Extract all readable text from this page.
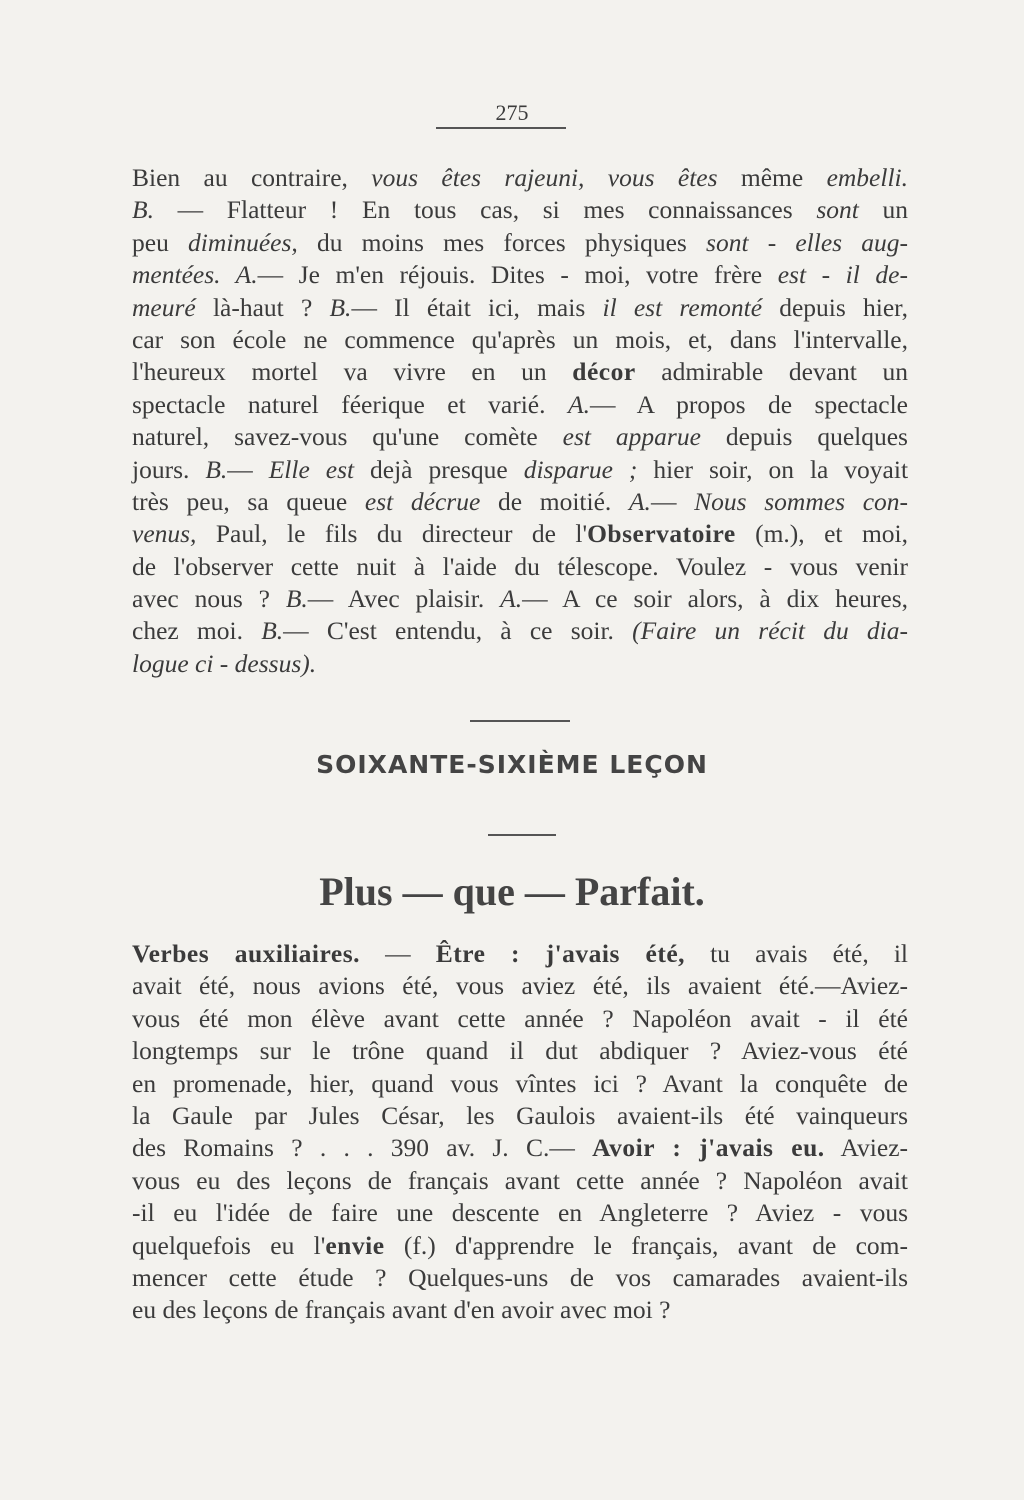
275
Bien au contraire, vous êtes rajeuni, vous êtes même embelli.
B. — Flatteur ! En tous cas, si mes connaissances sont un
peu diminuées, du moins mes forces physiques sont - elles aug-
mentées. A.— Je m'en réjouis. Dites - moi, votre frère est - il de-
meuré là-haut ? B.— Il était ici, mais il est remonté depuis hier,
car son école ne commence qu'après un mois, et, dans l'intervalle,
l'heureux mortel va vivre en un décor admirable devant un
spectacle naturel féerique et varié. A.— A propos de spectacle
naturel, savez-vous qu'une comète est apparue depuis quelques
jours. B.— Elle est dejà presque disparue ; hier soir, on la voyait
très peu, sa queue est décrue de moitié. A.— Nous sommes con-
venus, Paul, le fils du directeur de l'Observatoire (m.), et moi,
de l'observer cette nuit à l'aide du télescope. Voulez - vous venir
avec nous ? B.— Avec plaisir. A.— A ce soir alors, à dix heures,
chez moi. B.— C'est entendu, à ce soir. (Faire un récit du dia-
logue ci - dessus).
SOIXANTE-SIXIÈME LEÇON
Plus — que — Parfait.
Verbes auxiliaires. — Être : j'avais été, tu avais été, il
avait été, nous avions été, vous aviez été, ils avaient été.—Aviez-
vous été mon élève avant cette année ? Napoléon avait - il été
longtemps sur le trône quand il dut abdiquer ? Aviez-vous été
en promenade, hier, quand vous vîntes ici ? Avant la conquête de
la Gaule par Jules César, les Gaulois avaient-ils été vainqueurs
des Romains ? . . . 390 av. J. C.— Avoir : j'avais eu. Aviez-
vous eu des leçons de français avant cette année ? Napoléon avait
-il eu l'idée de faire une descente en Angleterre ? Aviez - vous
quelquefois eu l'envie (f.) d'apprendre le français, avant de com-
mencer cette étude ? Quelques-uns de vos camarades avaient-ils
eu des leçons de français avant d'en avoir avec moi ?
